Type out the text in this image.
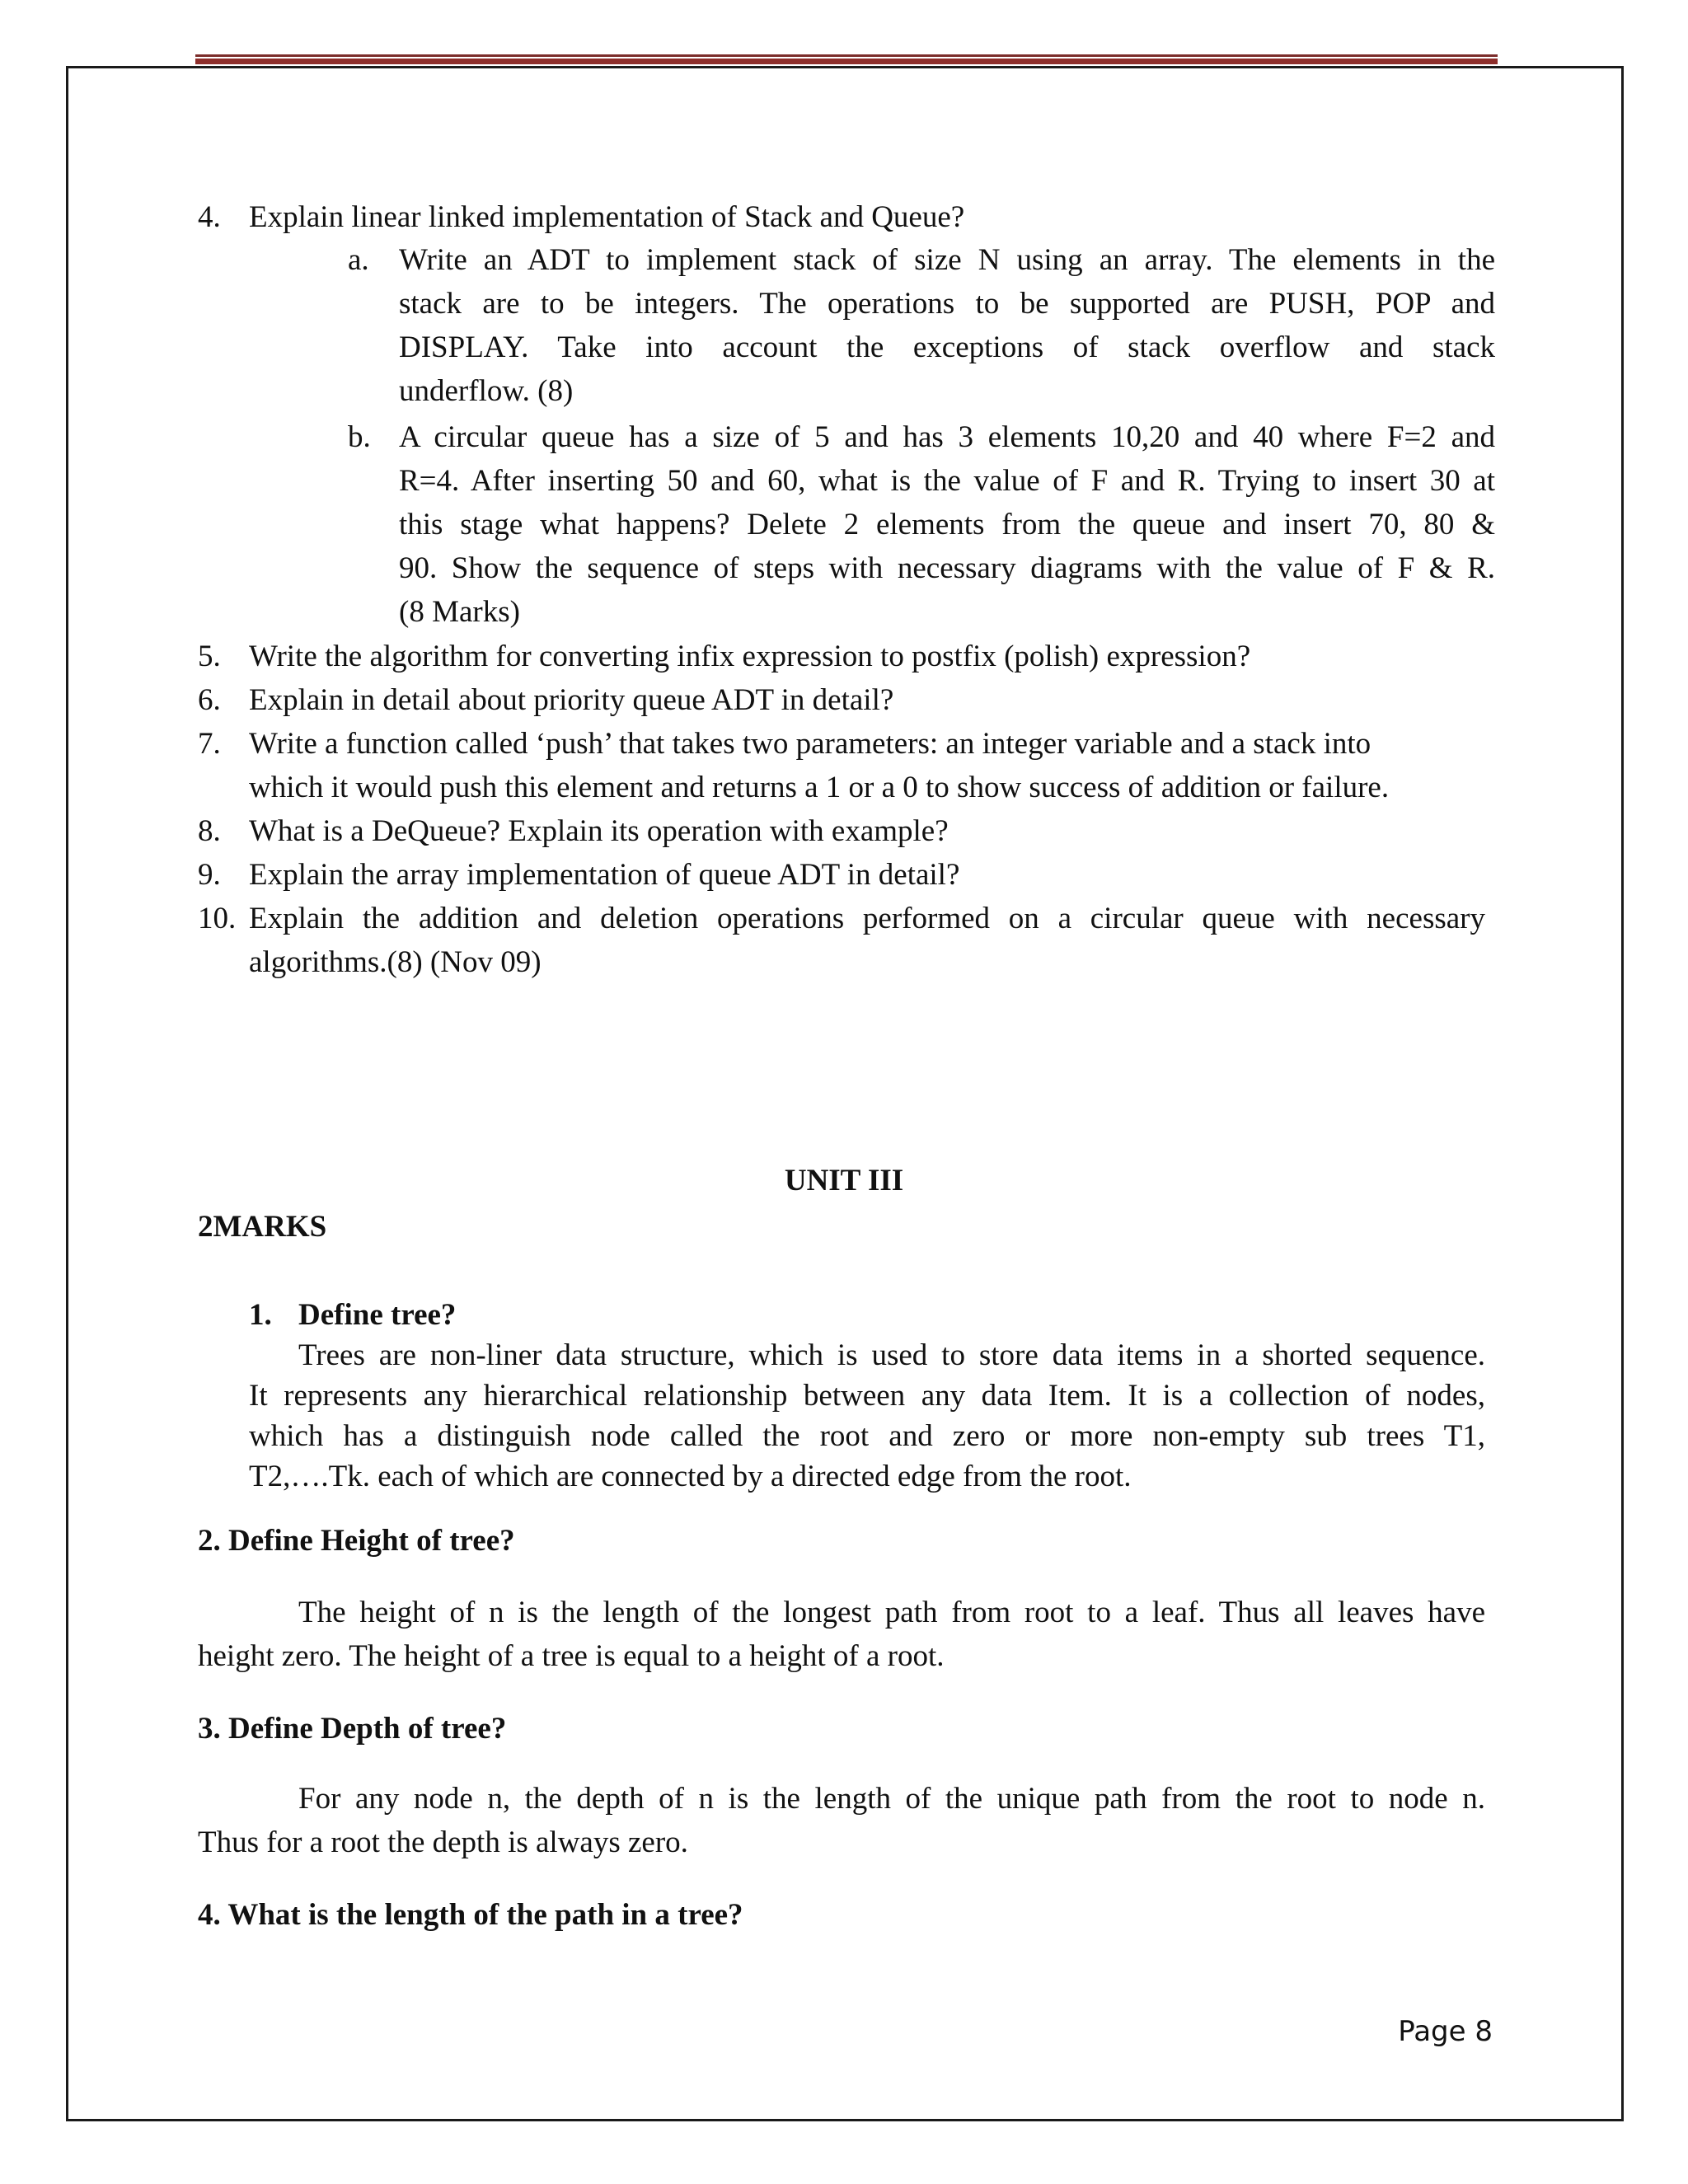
4. Explain linear linked implementation of Stack and Queue?
a. Write an ADT to implement stack of size N using an array. The elements in the
stack are to be integers. The operations to be supported are PUSH, POP and
DISPLAY. Take into account the exceptions of stack overflow and stack
underflow. (8)
b. A circular queue has a size of 5 and has 3 elements 10,20 and 40 where F=2 and
R=4. After inserting 50 and 60, what is the value of F and R. Trying to insert 30 at
this stage what happens? Delete 2 elements from the queue and insert 70, 80 &
90. Show the sequence of steps with necessary diagrams with the value of F & R.
(8 Marks)
5. Write the algorithm for converting infix expression to postfix (polish) expression?
6. Explain in detail about priority queue ADT in detail?
7. Write a function called ‘push’ that takes two parameters: an integer variable and a stack into
which it would push this element and returns a 1 or a 0 to show success of addition or failure.
8. What is a DeQueue? Explain its operation with example?
9. Explain the array implementation of queue ADT in detail?
10. Explain the addition and deletion operations performed on a circular queue with necessary
algorithms.(8) (Nov 09)
UNIT III
2MARKS
1. Define tree?
Trees are non-liner data structure, which is used to store data items in a shorted sequence.
It represents any hierarchical relationship between any data Item. It is a collection of nodes,
which has a distinguish node called the root and zero or more non-empty sub trees T1,
T2,….Tk. each of which are connected by a directed edge from the root.
2. Define Height of tree?
The height of n is the length of the longest path from root to a leaf. Thus all leaves have
height zero. The height of a tree is equal to a height of a root.
3. Define Depth of tree?
For any node n, the depth of n is the length of the unique path from the root to node n.
Thus for a root the depth is always zero.
4. What is the length of the path in a tree?
Page 8
